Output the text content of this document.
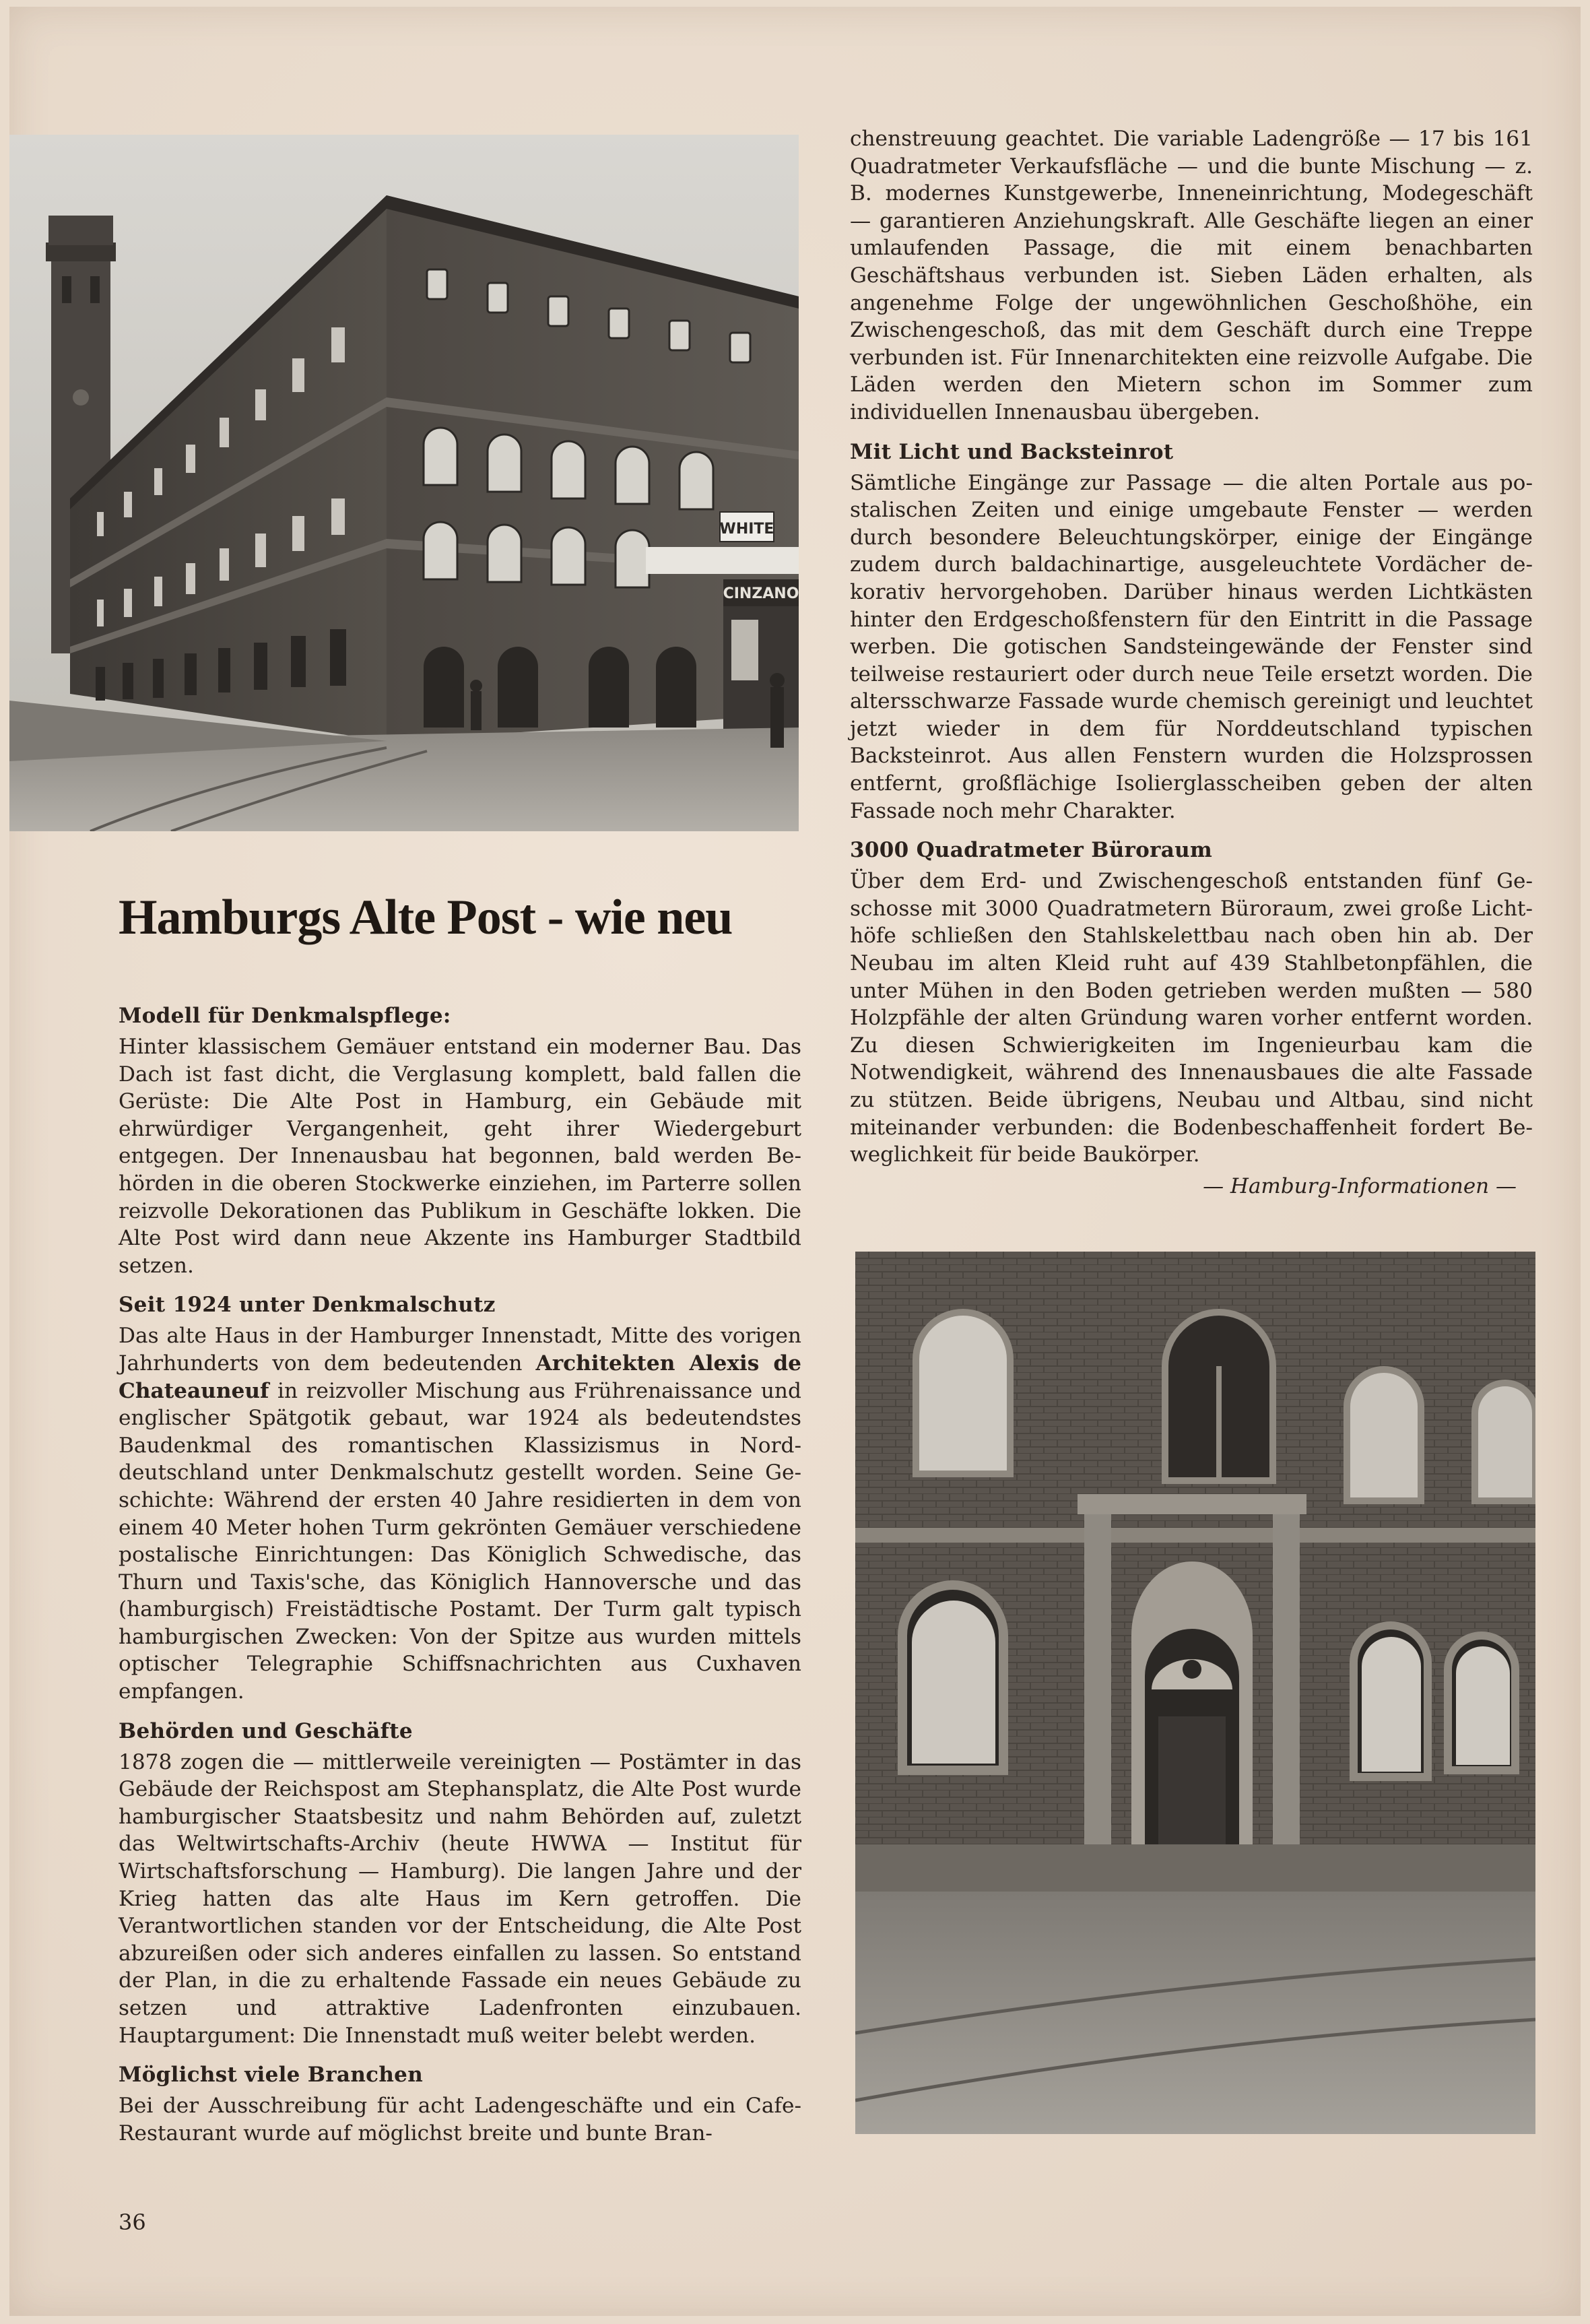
WHITE
CINZANO
Hamburgs Alte Post - wie neu

Modell für Denkmalspflege:

Hinter klassischem Gemäuer entstand ein moderner Bau. Das Dach ist fast dicht, die Verglasung komplett, bald fallen die Gerüste: Die Alte Post in Hamburg, ein Gebäude mit ehrwürdiger Vergangenheit, geht ihrer Wiedergeburt entgegen. Der Innenausbau hat begonnen, bald werden Behörden in die oberen Stockwerke einziehen, im Parterre sollen reizvolle Dekorationen das Publikum in Geschäfte lokken. Die Alte Post wird dann neue Akzente ins Hamburger Stadtbild setzen.

Seit 1924 unter Denkmalschutz

Das alte Haus in der Hamburger Innenstadt, Mitte des vorigen Jahrhunderts von dem bedeutenden Architekten Alexis de Chateauneuf in reizvoller Mischung aus Frührenaissance und englischer Spätgotik gebaut, war 1924 als bedeutendstes Baudenkmal des romantischen Klassizismus in Norddeutschland unter Denkmalschutz gestellt worden. Seine Geschichte: Während der ersten 40 Jahre residierten in dem von einem 40 Meter hohen Turm gekrönten Gemäuer verschiedene postalische Einrichtungen: Das Königlich Schwedische, das Thurn und Taxis'sche, das Königlich Hannoversche und das (hamburgisch) Freistädtische Postamt. Der Turm galt typisch hamburgischen Zwecken: Von der Spitze aus wurden mittels optischer Telegraphie Schiffsnachrichten aus Cuxhaven empfangen.

Behörden und Geschäfte

1878 zogen die — mittlerweile vereinigten — Postämter in das Gebäude der Reichspost am Stephansplatz, die Alte Post wurde hamburgischer Staatsbesitz und nahm Behörden auf, zuletzt das Weltwirtschafts-Archiv (heute HWWA — Institut für Wirtschaftsforschung — Hamburg). Die langen Jahre und der Krieg hatten das alte Haus im Kern getroffen. Die Verantwortlichen standen vor der Entscheidung, die Alte Post abzureißen oder sich anderes einfallen zu lassen. So entstand der Plan, in die zu erhaltende Fassade ein neues Gebäude zu setzen und attraktive Ladenfronten einzubauen. Hauptargument: Die Innenstadt muß weiter belebt werden.

Möglichst viele Branchen

Bei der Ausschreibung für acht Ladengeschäfte und ein Cafe-Restaurant wurde auf möglichst breite und bunte Bran-

chenstreuung geachtet. Die variable Ladengröße — 17 bis 161 Quadratmeter Verkaufsfläche — und die bunte Mischung — z. B. modernes Kunstgewerbe, Inneneinrichtung, Modegeschäft — garantieren Anziehungskraft. Alle Geschäfte liegen an einer umlaufenden Passage, die mit einem benachbarten Geschäftshaus verbunden ist. Sieben Läden erhalten, als angenehme Folge der ungewöhnlichen Geschoßhöhe, ein Zwischengeschoß, das mit dem Geschäft durch eine Treppe verbunden ist. Für Innenarchitekten eine reizvolle Aufgabe. Die Läden werden den Mietern schon im Sommer zum individuellen Innenausbau übergeben.

Mit Licht und Backsteinrot

Sämtliche Eingänge zur Passage — die alten Portale aus postalischen Zeiten und einige umgebaute Fenster — werden durch besondere Beleuchtungskörper, einige der Eingänge zudem durch baldachinartige, ausgeleuchtete Vordächer dekorativ hervorgehoben. Darüber hinaus werden Lichtkästen hinter den Erdgeschoßfenstern für den Eintritt in die Passage werben. Die gotischen Sandsteingewände der Fenster sind teilweise restauriert oder durch neue Teile ersetzt worden. Die altersschwarze Fassade wurde chemisch gereinigt und leuchtet jetzt wieder in dem für Norddeutschland typischen Backsteinrot. Aus allen Fenstern wurden die Holzsprossen entfernt, großflächige Isolierglasscheiben geben der alten Fassade noch mehr Charakter.

3000 Quadratmeter Büroraum

Über dem Erd- und Zwischengeschoß entstanden fünf Geschosse mit 3000 Quadratmetern Büroraum, zwei große Lichthöfe schließen den Stahlskelettbau nach oben hin ab. Der Neubau im alten Kleid ruht auf 439 Stahlbetonpfählen, die unter Mühen in den Boden getrieben werden mußten — 580 Holzpfähle der alten Gründung waren vorher entfernt worden. Zu diesen Schwierigkeiten im Ingenieurbau kam die Notwendigkeit, während des Innenausbaues die alte Fassade zu stützen. Beide übrigens, Neubau und Altbau, sind nicht miteinander verbunden: die Bodenbeschaffenheit fordert Beweglichkeit für beide Baukörper.

— Hamburg-Informationen —

36
